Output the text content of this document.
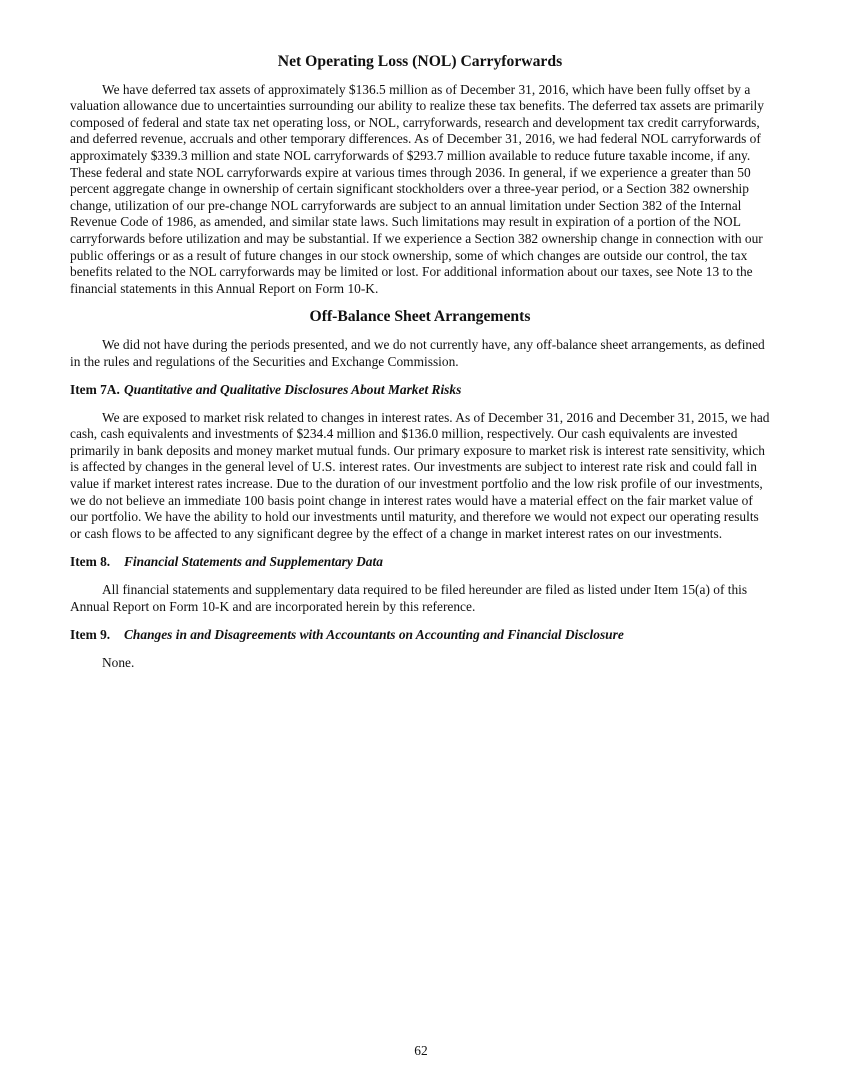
Net Operating Loss (NOL) Carryforwards

We have deferred tax assets of approximately $136.5 million as of December 31, 2016, which have been fully offset by a valuation allowance due to uncertainties surrounding our ability to realize these tax benefits. The deferred tax assets are primarily composed of federal and state tax net operating loss, or NOL, carryforwards, research and development tax credit carryforwards, and deferred revenue, accruals and other temporary differences. As of December 31, 2016, we had federal NOL carryforwards of approximately $339.3 million and state NOL carryforwards of $293.7 million available to reduce future taxable income, if any. These federal and state NOL carryforwards expire at various times through 2036. In general, if we experience a greater than 50 percent aggregate change in ownership of certain significant stockholders over a three-year period, or a Section 382 ownership change, utilization of our pre-change NOL carryforwards are subject to an annual limitation under Section 382 of the Internal Revenue Code of 1986, as amended, and similar state laws. Such limitations may result in expiration of a portion of the NOL carryforwards before utilization and may be substantial. If we experience a Section 382 ownership change in connection with our public offerings or as a result of future changes in our stock ownership, some of which changes are outside our control, the tax benefits related to the NOL carryforwards may be limited or lost. For additional information about our taxes, see Note 13 to the financial statements in this Annual Report on Form 10-K.

Off-Balance Sheet Arrangements

We did not have during the periods presented, and we do not currently have, any off-balance sheet arrangements, as defined in the rules and regulations of the Securities and Exchange Commission.

Item 7A. Quantitative and Qualitative Disclosures About Market Risks

We are exposed to market risk related to changes in interest rates. As of December 31, 2016 and December 31, 2015, we had cash, cash equivalents and investments of $234.4 million and $136.0 million, respectively. Our cash equivalents are invested primarily in bank deposits and money market mutual funds. Our primary exposure to market risk is interest rate sensitivity, which is affected by changes in the general level of U.S. interest rates. Our investments are subject to interest rate risk and could fall in value if market interest rates increase. Due to the duration of our investment portfolio and the low risk profile of our investments, we do not believe an immediate 100 basis point change in interest rates would have a material effect on the fair market value of our portfolio. We have the ability to hold our investments until maturity, and therefore we would not expect our operating results or cash flows to be affected to any significant degree by the effect of a change in market interest rates on our investments.

Item 8.	Financial Statements and Supplementary Data

All financial statements and supplementary data required to be filed hereunder are filed as listed under Item 15(a) of this Annual Report on Form 10-K and are incorporated herein by this reference.

Item 9.	Changes in and Disagreements with Accountants on Accounting and Financial Disclosure

None.

62
